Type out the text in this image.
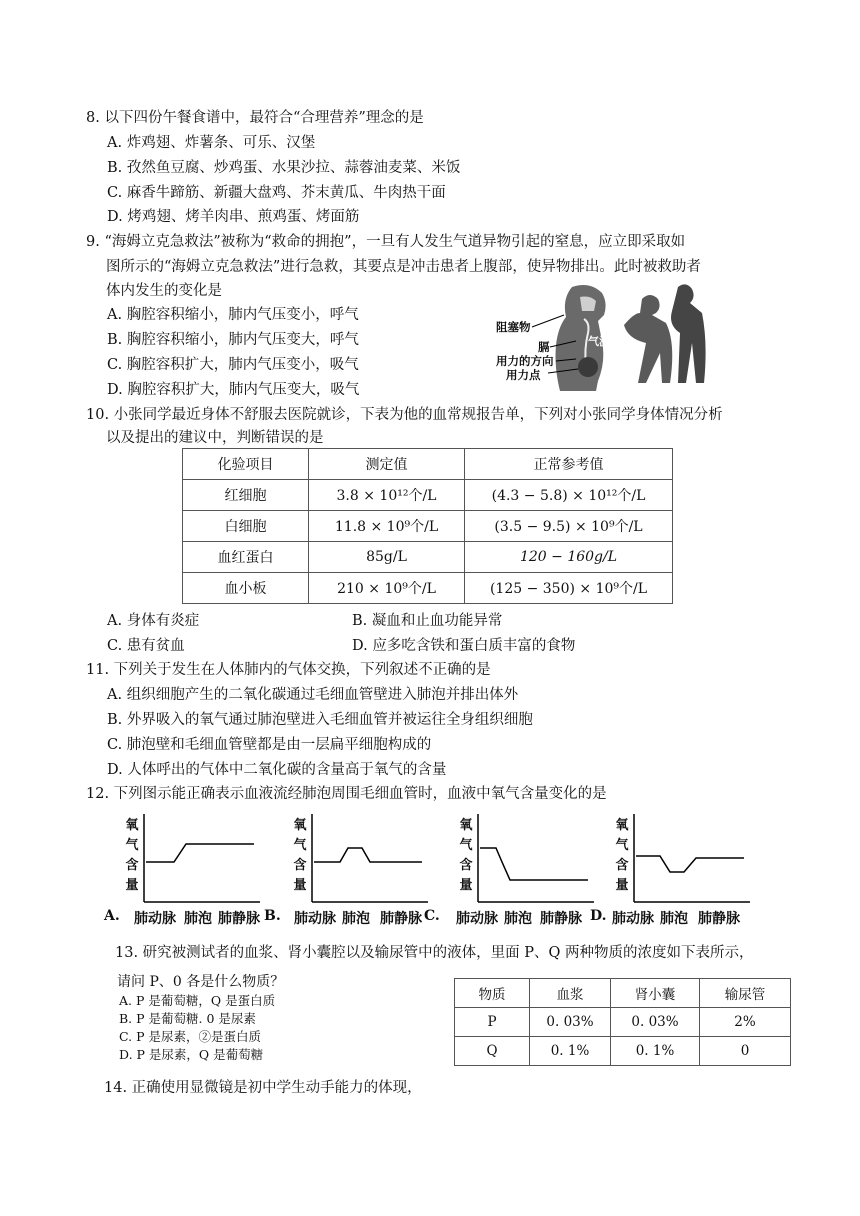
8. 以下四份午餐食谱中，最符合“合理营养”理念的是
A. 炸鸡翅、炸薯条、可乐、汉堡
B. 孜然鱼豆腐、炒鸡蛋、水果沙拉、蒜蓉油麦菜、米饭
C. 麻香牛蹄筋、新疆大盘鸡、芥末黄瓜、牛肉热干面
D. 烤鸡翅、烤羊肉串、煎鸡蛋、烤面筋
9. “海姆立克急救法”被称为“救命的拥抱”，一旦有人发生气道异物引起的窒息，应立即采取如
图所示的“海姆立克急救法”进行急救，其要点是冲击患者上腹部，使异物排出。此时被救助者
体内发生的变化是
A. 胸腔容积缩小，肺内气压变小，呼气
B. 胸腔容积缩小，肺内气压变大，呼气
C. 胸腔容积扩大，肺内气压变小，吸气
D. 胸腔容积扩大，肺内气压变大，吸气
阻塞物
气流
膈
用力的方向
用力点
10. 小张同学最近身体不舒服去医院就诊，下表为他的血常规报告单，下列对小张同学身体情况分析
以及提出的建议中，判断错误的是
化验项目	测定值	正常参考值
红细胞	3.8 × 10¹²个/L	(4.3 − 5.8) × 10¹²个/L
白细胞	11.8 × 10⁹个/L	(3.5 − 9.5) × 10⁹个/L
血红蛋白	85g/L	120 − 160g/L
血小板	210 × 10⁹个/L	(125 − 350) × 10⁹个/L
A. 身体有炎症	B. 凝血和止血功能异常
C. 患有贫血	D. 应多吃含铁和蛋白质丰富的食物
11. 下列关于发生在人体肺内的气体交换，下列叙述不正确的是
A. 组织细胞产生的二氧化碳通过毛细血管壁进入肺泡并排出体外
B. 外界吸入的氧气通过肺泡壁进入毛细血管并被运往全身组织细胞
C. 肺泡壁和毛细血管壁都是由一层扁平细胞构成的
D. 人体呼出的气体中二氧化碳的含量高于氧气的含量
12. 下列图示能正确表示血液流经肺泡周围毛细血管时，血液中氧气含量变化的是
氧
气
含
量
氧
气
含
量
氧
气
含
量
氧
气
含
量
A. 肺动脉 肺泡 肺静脉 B. 肺动脉 肺泡 肺静脉 C. 肺动脉 肺泡 肺静脉 D. 肺动脉 肺泡 肺静脉
13. 研究被测试者的血浆、肾小囊腔以及输尿管中的液体，里面 P、Q 两种物质的浓度如下表所示，
请问 P、0 各是什么物质？
A. P 是葡萄糖，Q 是蛋白质
B. P 是葡萄糖. 0 是尿素
C. P 是尿素，②是蛋白质
D. P 是尿素，Q 是葡萄糖
物质	血浆	肾小囊	输尿管
P	0. 03%	0. 03%	2%
Q	0. 1%	0. 1%	0
14. 正确使用显微镜是初中学生动手能力的体现，
